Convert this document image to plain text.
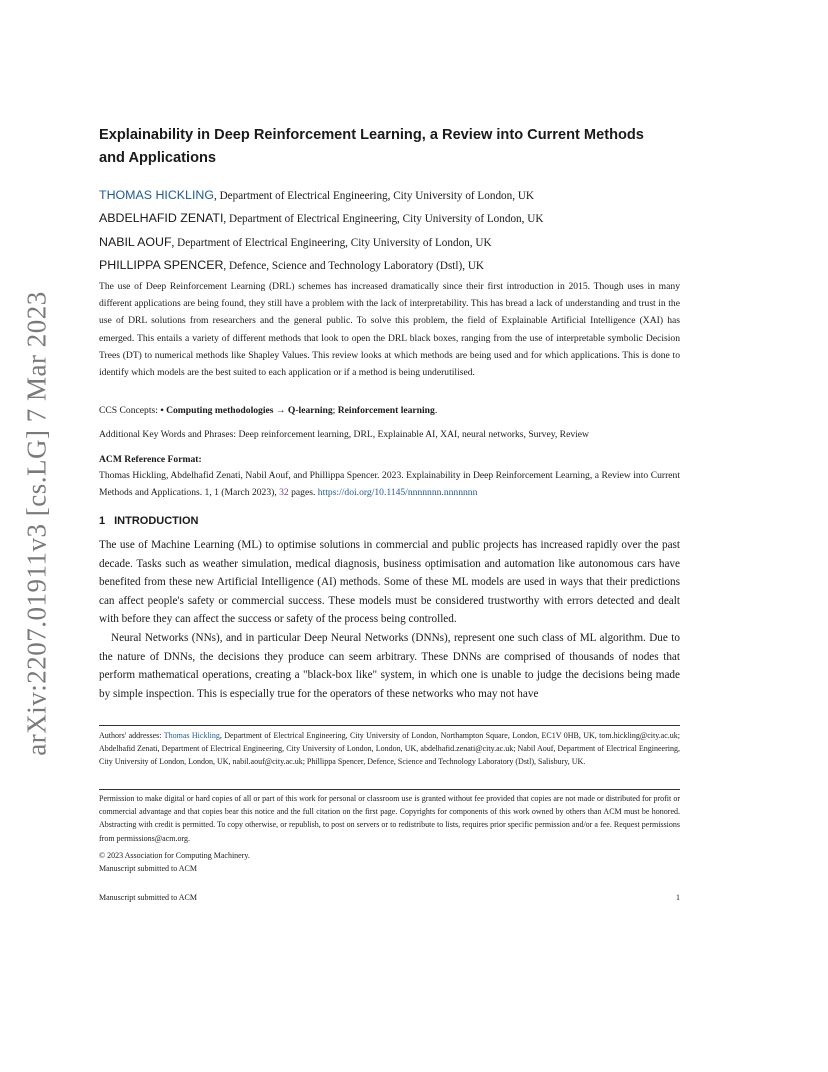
arXiv:2207.01911v3 [cs.LG] 7 Mar 2023
Explainability in Deep Reinforcement Learning, a Review into Current Methods and Applications
THOMAS HICKLING, Department of Electrical Engineering, City University of London, UK
ABDELHAFID ZENATI, Department of Electrical Engineering, City University of London, UK
NABIL AOUF, Department of Electrical Engineering, City University of London, UK
PHILLIPPA SPENCER, Defence, Science and Technology Laboratory (Dstl), UK
The use of Deep Reinforcement Learning (DRL) schemes has increased dramatically since their first introduction in 2015. Though uses in many different applications are being found, they still have a problem with the lack of interpretability. This has bread a lack of understanding and trust in the use of DRL solutions from researchers and the general public. To solve this problem, the field of Explainable Artificial Intelligence (XAI) has emerged. This entails a variety of different methods that look to open the DRL black boxes, ranging from the use of interpretable symbolic Decision Trees (DT) to numerical methods like Shapley Values. This review looks at which methods are being used and for which applications. This is done to identify which models are the best suited to each application or if a method is being underutilised.
CCS Concepts: • Computing methodologies → Q-learning; Reinforcement learning.
Additional Key Words and Phrases: Deep reinforcement learning, DRL, Explainable AI, XAI, neural networks, Survey, Review
ACM Reference Format:
Thomas Hickling, Abdelhafid Zenati, Nabil Aouf, and Phillippa Spencer. 2023. Explainability in Deep Reinforcement Learning, a Review into Current Methods and Applications. 1, 1 (March 2023), 32 pages. https://doi.org/10.1145/nnnnnnn.nnnnnnn
1 INTRODUCTION

The use of Machine Learning (ML) to optimise solutions in commercial and public projects has increased rapidly over the past decade. Tasks such as weather simulation, medical diagnosis, business optimisation and automation like autonomous cars have benefited from these new Artificial Intelligence (AI) methods. Some of these ML models are used in ways that their predictions can affect people's safety or commercial success. These models must be considered trustworthy with errors detected and dealt with before they can affect the success or safety of the process being controlled.

Neural Networks (NNs), and in particular Deep Neural Networks (DNNs), represent one such class of ML algorithm. Due to the nature of DNNs, the decisions they produce can seem arbitrary. These DNNs are comprised of thousands of nodes that perform mathematical operations, creating a "black-box like" system, in which one is unable to judge the decisions being made by simple inspection. This is especially true for the operators of these networks who may not have

Authors' addresses: Thomas Hickling, Department of Electrical Engineering, City University of London, Northampton Square, London, EC1V 0HB, UK, tom.hickling@city.ac.uk; Abdelhafid Zenati, Department of Electrical Engineering, City University of London, London, UK, abdelhafid.zenati@city.ac.uk; Nabil Aouf, Department of Electrical Engineering, City University of London, London, UK, nabil.aouf@city.ac.uk; Phillippa Spencer, Defence, Science and Technology Laboratory (Dstl), Salisbury, UK.
Permission to make digital or hard copies of all or part of this work for personal or classroom use is granted without fee provided that copies are not made or distributed for profit or commercial advantage and that copies bear this notice and the full citation on the first page. Copyrights for components of this work owned by others than ACM must be honored. Abstracting with credit is permitted. To copy otherwise, or republish, to post on servers or to redistribute to lists, requires prior specific permission and/or a fee. Request permissions from permissions@acm.org.
© 2023 Association for Computing Machinery.
Manuscript submitted to ACM
Manuscript submitted to ACM	1
